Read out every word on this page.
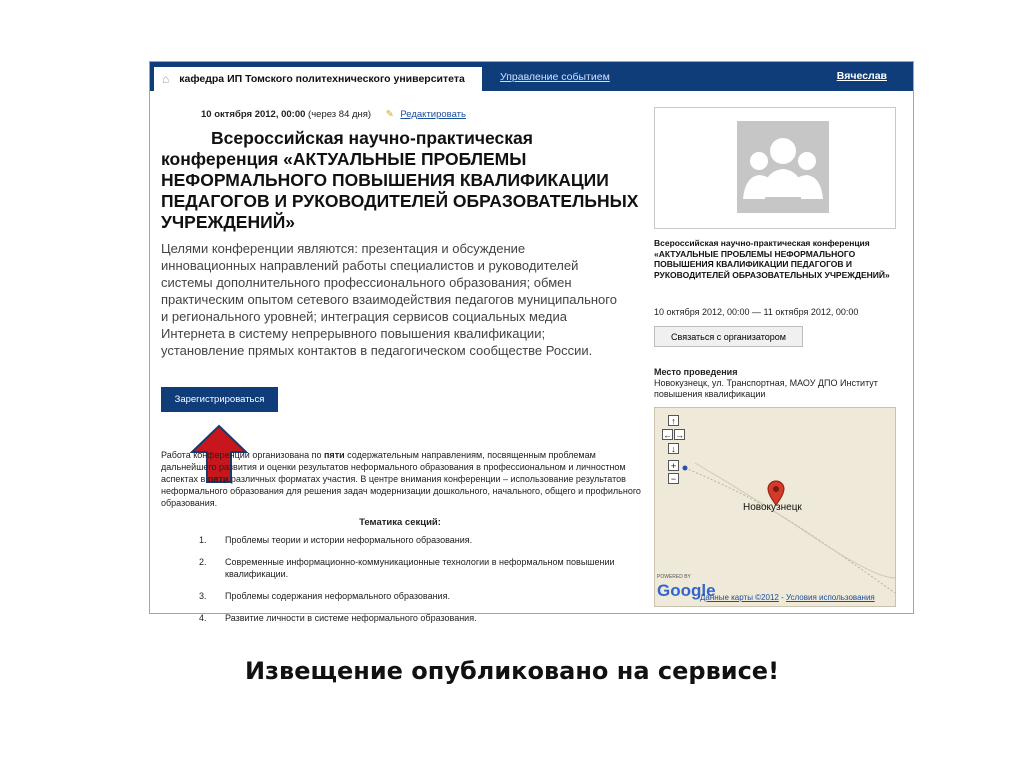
⌂ кафедра ИП Томского политехнического университета	Управление событием	Вячеслав
10 октября 2012, 00:00 (через 84 дня) ✎ Редактировать
Всероссийская научно-практическая конференция «АКТУАЛЬНЫЕ ПРОБЛЕМЫ НЕФОРМАЛЬНОГО ПОВЫШЕНИЯ КВАЛИФИКАЦИИ ПЕДАГОГОВ И РУКОВОДИТЕЛЕЙ ОБРАЗОВАТЕЛЬНЫХ УЧРЕЖДЕНИЙ»
Целями конференции являются: презентация и обсуждение инновационных направлений работы специалистов и руководителей системы дополнительного профессионального образования; обмен практическим опытом сетевого взаимодействия педагогов муниципального и регионального уровней; интеграция сервисов социальных медиа Интернета в систему непрерывного повышения квалификации; установление прямых контактов в педагогическом сообществе России.
Зарегистрироваться
Работа конференции организована по пяти содержательным направлениям, посвященным проблемам дальнейшего развития и оценки результатов неформального образования в профессиональном и личностном аспектах в пяти различных форматах участия. В центре внимания конференции – использование результатов неформального образования для решения задач модернизации дошкольного, начального, общего и профильного образования.
Тематика секций:
1.	Проблемы теории и истории неформального образования.
2.	Современные информационно-коммуникационные технологии в неформальном повышении квалификации.
3.	Проблемы содержания неформального образования.
4.	Развитие личности в системе неформального образования.
Всероссийская научно-практическая конференция «АКТУАЛЬНЫЕ ПРОБЛЕМЫ НЕФОРМАЛЬНОГО ПОВЫШЕНИЯ КВАЛИФИКАЦИИ ПЕДАГОГОВ И РУКОВОДИТЕЛЕЙ ОБРАЗОВАТЕЛЬНЫХ УЧРЕЖДЕНИЙ»
10 октября 2012, 00:00 — 11 октября 2012, 00:00
Связаться с организатором
Место проведения
Новокузнецк, ул. Транспортная, МАОУ ДПО Институт повышения квалификации
↑
← →
↓
+
−
Новокузнецк
POWERED BY
Google
Данные карты ©2012 - Условия использования
Извещение опубликовано на сервисе!
